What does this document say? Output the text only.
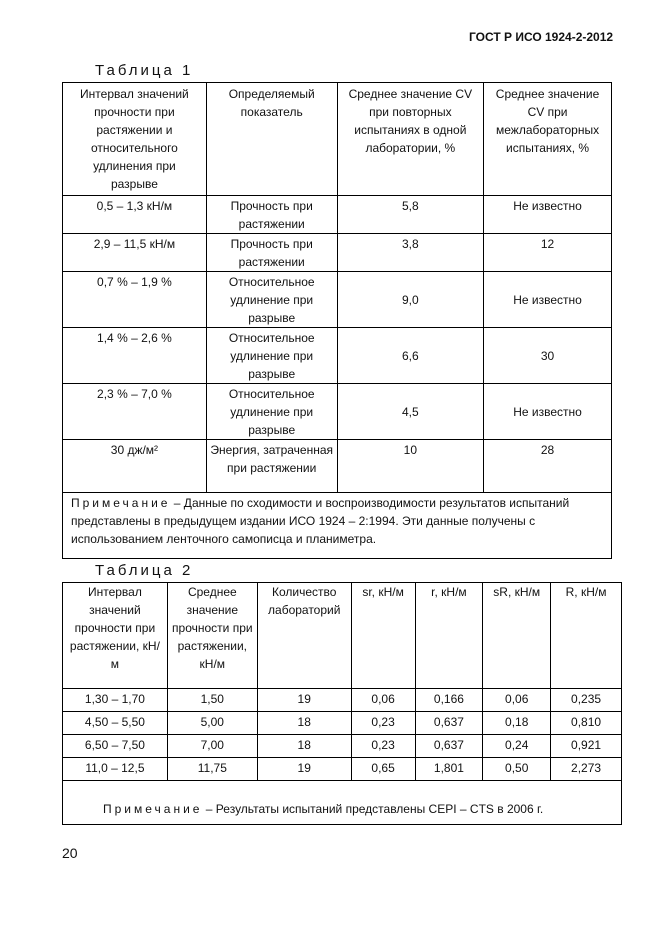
ГОСТ Р ИСО 1924-2-2012
Таблица 1
Интервал значений прочности при растяжении и относительного удлинения при разрыве	Определяемый показатель	Среднее значение CV при повторных испытаниях в одной лаборатории, %	Среднее значение CV при межлабораторных испытаниях, %
0,5 – 1,3 кН/м	Прочность при растяжении	5,8	Не известно
2,9 – 11,5 кН/м	Прочность при растяжении	3,8	12
0,7 % – 1,9 %	Относительное удлинение при разрыве	9,0	Не известно
1,4 % – 2,6 %	Относительное удлинение при разрыве	6,6	30
2,3 % – 7,0 %	Относительное удлинение при разрыве	4,5	Не известно
30 дж/м²	Энергия, затраченная при растяжении	10	28
Примечание – Данные по сходимости и воспроизводимости результатов испытаний представлены в предыдущем издании ИСО 1924 – 2:1994. Эти данные получены с использованием ленточного самописца и планиметра.			
Таблица 2
Интервал значений прочности при растяжении, кН/м	Среднее значение прочности при растяжении, кН/м	Количество лабораторий	sr, кН/м	r, кН/м	sR, кН/м	R, кН/м
1,30 – 1,70	1,50	19	0,06	0,166	0,06	0,235
4,50 – 5,50	5,00	18	0,23	0,637	0,18	0,810
6,50 – 7,50	7,00	18	0,23	0,637	0,24	0,921
11,0 – 12,5	11,75	19	0,65	1,801	0,50	2,273
Примечание – Результаты испытаний представлены CEPI – CTS в 2006 г.						
20
